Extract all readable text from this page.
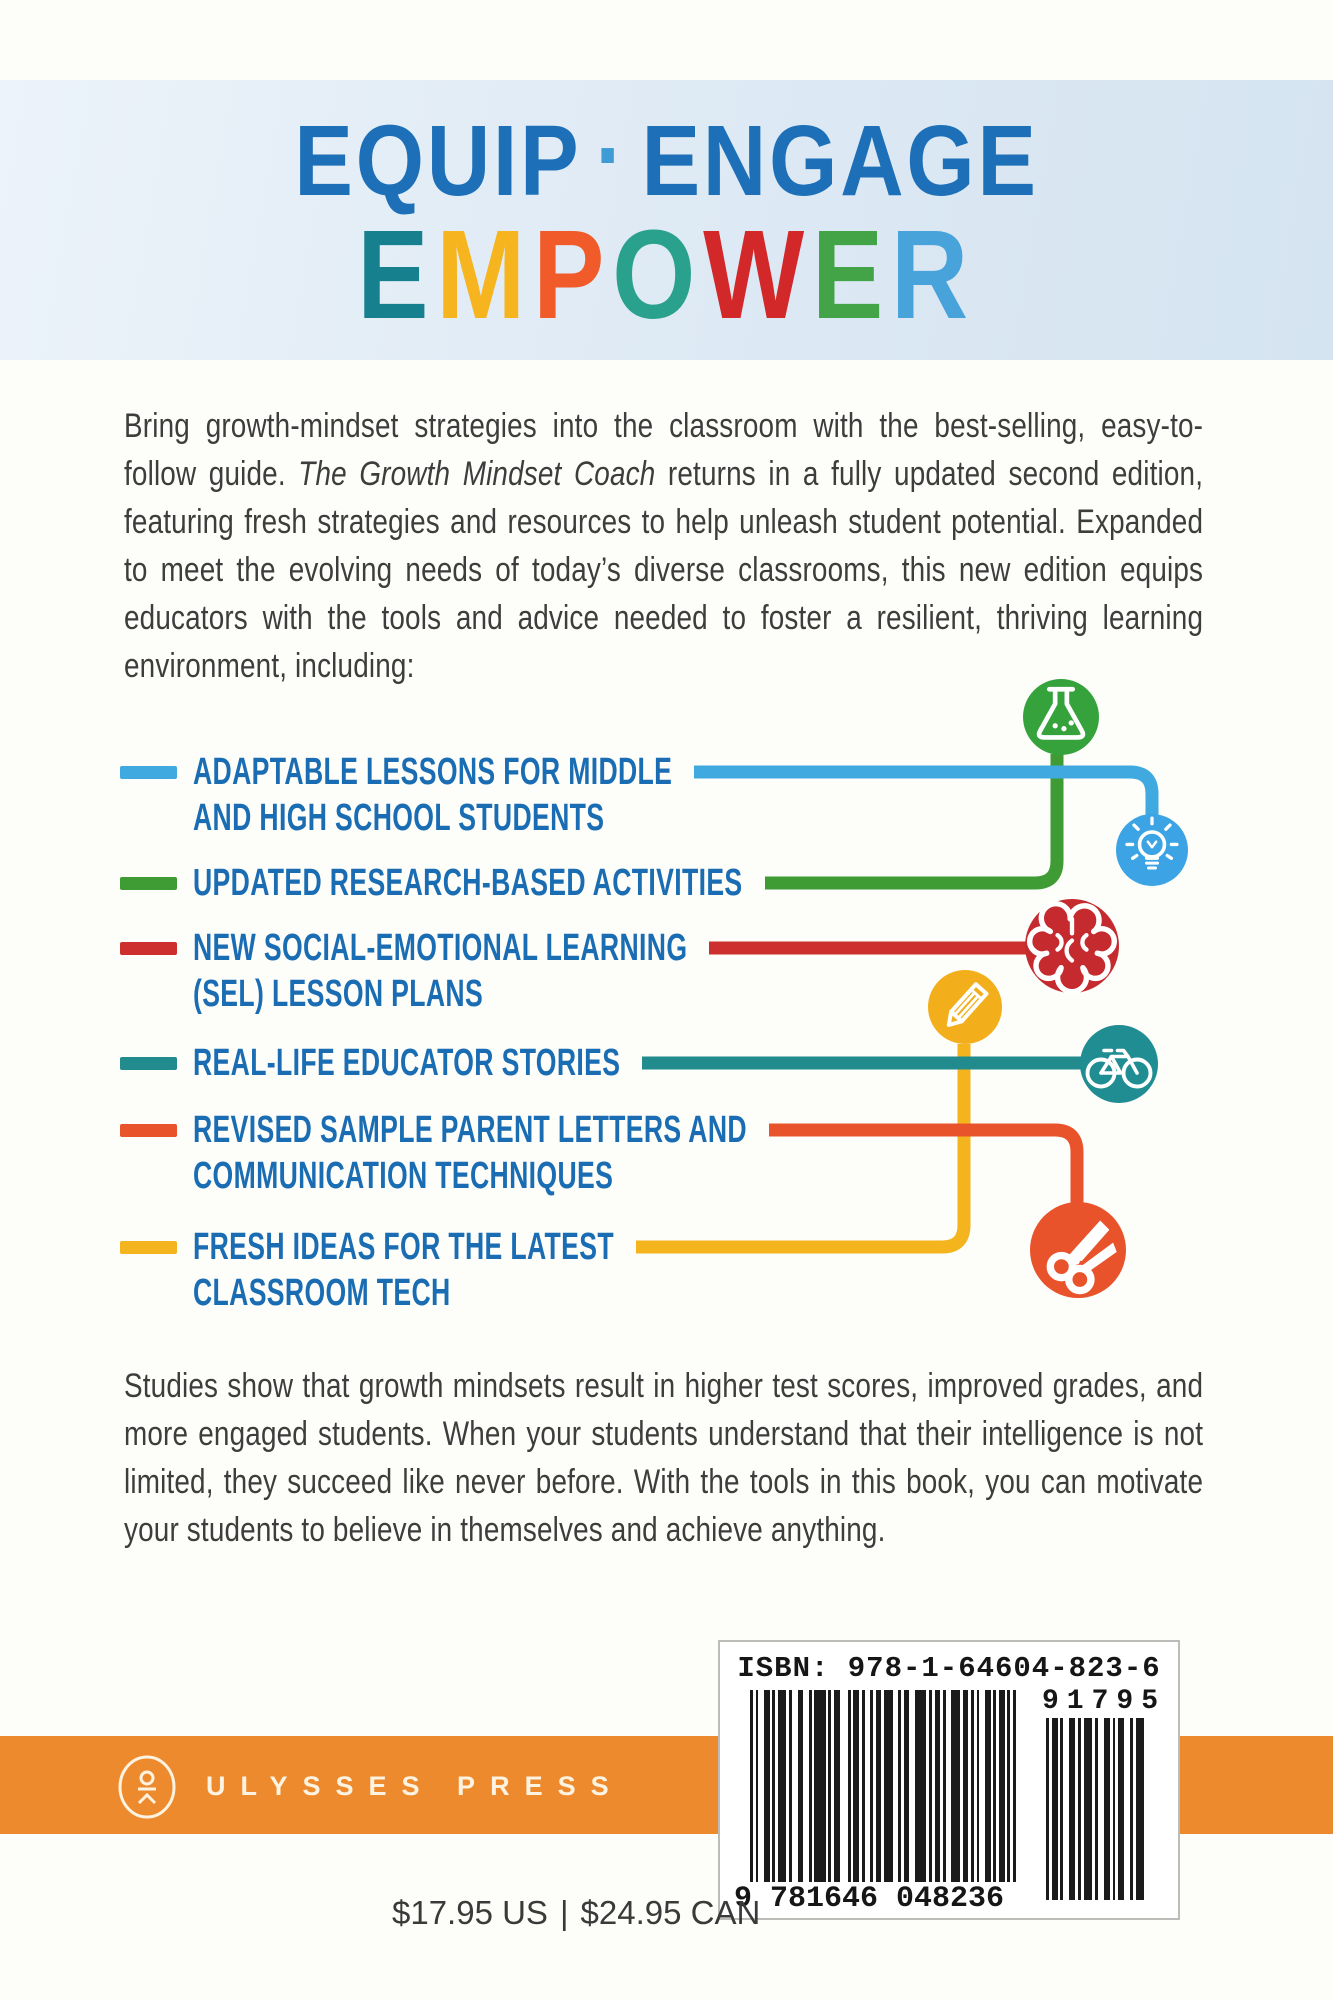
EQUIP · ENGAGE
E M P O W E R
Bring growth-mindset strategies into the classroom with the best-selling, easy-to-follow guide. The Growth Mindset Coach returns in a fully updated second edition, featuring fresh strategies and resources to help unleash student potential. Expanded to meet the evolving needs of today’s diverse classrooms, this new edition equips educators with the tools and advice needed to foster a resilient, thriving learning environment, including:
ADAPTABLE LESSONS FOR MIDDLE
AND HIGH SCHOOL STUDENTS
UPDATED RESEARCH-BASED ACTIVITIES
NEW SOCIAL-EMOTIONAL LEARNING
(SEL) LESSON PLANS
REAL-LIFE EDUCATOR STORIES
REVISED SAMPLE PARENT LETTERS AND
COMMUNICATION TECHNIQUES
FRESH IDEAS FOR THE LATEST
CLASSROOM TECH
Studies show that growth mindsets result in higher test scores, improved grades, and more engaged students. When your students understand that their intelligence is not limited, they succeed like never before. With the tools in this book, you can motivate your students to believe in themselves and achieve anything.
ULYSSES PRESS
ISBN: 978-1-64604-823-6
9 781646 048236
91795
$17.95 US | $24.95 CAN
